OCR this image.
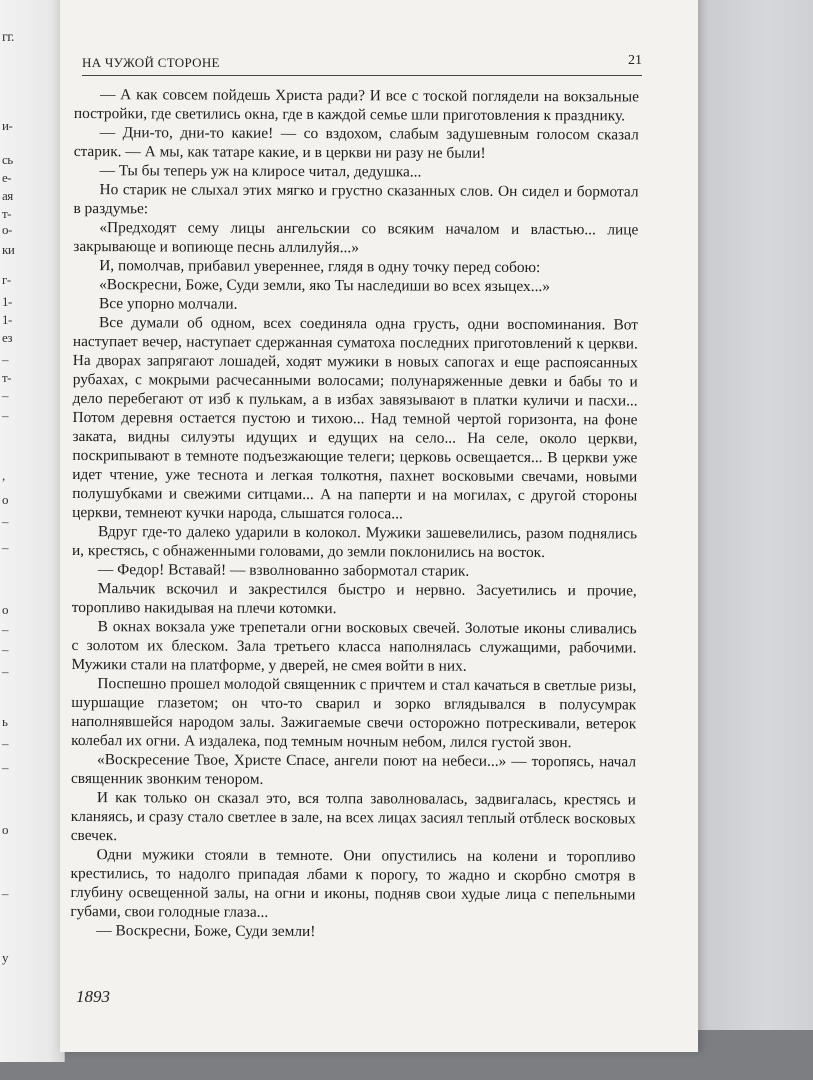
гг.
и-
сь
е-
ая
т-
о-
ки
г-
1-
1-
ез
–
т-
–
–
,
о
–
–
о
–
–
–
ь
–
–
о
–
у
НА ЧУЖОЙ СТОРОНЕ	21

— А как совсем пойдешь Христа ради? И все с тоской поглядели на вокзальные постройки, где светились окна, где в каждой семье шли приготовления к празднику.

— Дни-то, дни-то какие! — со вздохом, слабым задушевным голосом сказал старик. — А мы, как татаре какие, и в церкви ни разу не были!

— Ты бы теперь уж на клиросе читал, дедушка...

Но старик не слыхал этих мягко и грустно сказанных слов. Он сидел и бормотал в раздумье:

«Предходят сему лицы ангельскии со всяким началом и властью... лице закрывающе и вопиюще песнь аллилуйя...»

И, помолчав, прибавил увереннее, глядя в одну точку перед собою:

«Воскресни, Боже, Суди земли, яко Ты наследиши во всех языцех...»

Все упорно молчали.

Все думали об одном, всех соединяла одна грусть, одни воспоминания. Вот наступает вечер, наступает сдержанная суматоха последних приготовлений к церкви. На дворах запрягают лошадей, ходят мужики в новых сапогах и еще распоясанных рубахах, с мокрыми расчесанными волосами; полунаряженные девки и бабы то и дело перебегают от изб к пулькам, а в избах завязывают в платки куличи и пасхи... Потом деревня остается пустою и тихою... Над темной чертой горизонта, на фоне заката, видны силуэты идущих и едущих на село... На селе, около церкви, поскрипывают в темноте подъезжающие телеги; церковь освещается... В церкви уже идет чтение, уже теснота и легкая толкотня, пахнет восковыми свечами, новыми полушубками и свежими ситцами... А на паперти и на могилах, с другой стороны церкви, темнеют кучки народа, слышатся голоса...

Вдруг где-то далеко ударили в колокол. Мужики зашевелились, разом поднялись и, крестясь, с обнаженными головами, до земли поклонились на восток.

— Федор! Вставай! — взволнованно забормотал старик.

Мальчик вскочил и закрестился быстро и нервно. Засуетились и прочие, торопливо накидывая на плечи котомки.

В окнах вокзала уже трепетали огни восковых свечей. Золотые иконы сливались с золотом их блеском. Зала третьего класса наполнялась служащими, рабочими. Мужики стали на платформе, у дверей, не смея войти в них.

Поспешно прошел молодой священник с причтем и стал качаться в светлые ризы, шуршащие глазетом; он что-то сварил и зорко вглядывался в полусумрак наполнявшейся народом залы. Зажигаемые свечи осторожно потрескивали, ветерок колебал их огни. А издалека, под темным ночным небом, лился густой звон.

«Воскресение Твое, Христе Спасе, ангели поют на небеси...» — торопясь, начал священник звонким тенором.

И как только он сказал это, вся толпа заволновалась, задвигалась, крестясь и кланяясь, и сразу стало светлее в зале, на всех лицах засиял теплый отблеск восковых свечек.

Одни мужики стояли в темноте. Они опустились на колени и торопливо крестились, то надолго припадая лбами к порогу, то жадно и скорбно смотря в глубину освещенной залы, на огни и иконы, подняв свои худые лица с пепельными губами, свои голодные глаза...

— Воскресни, Боже, Суди земли!

1893
